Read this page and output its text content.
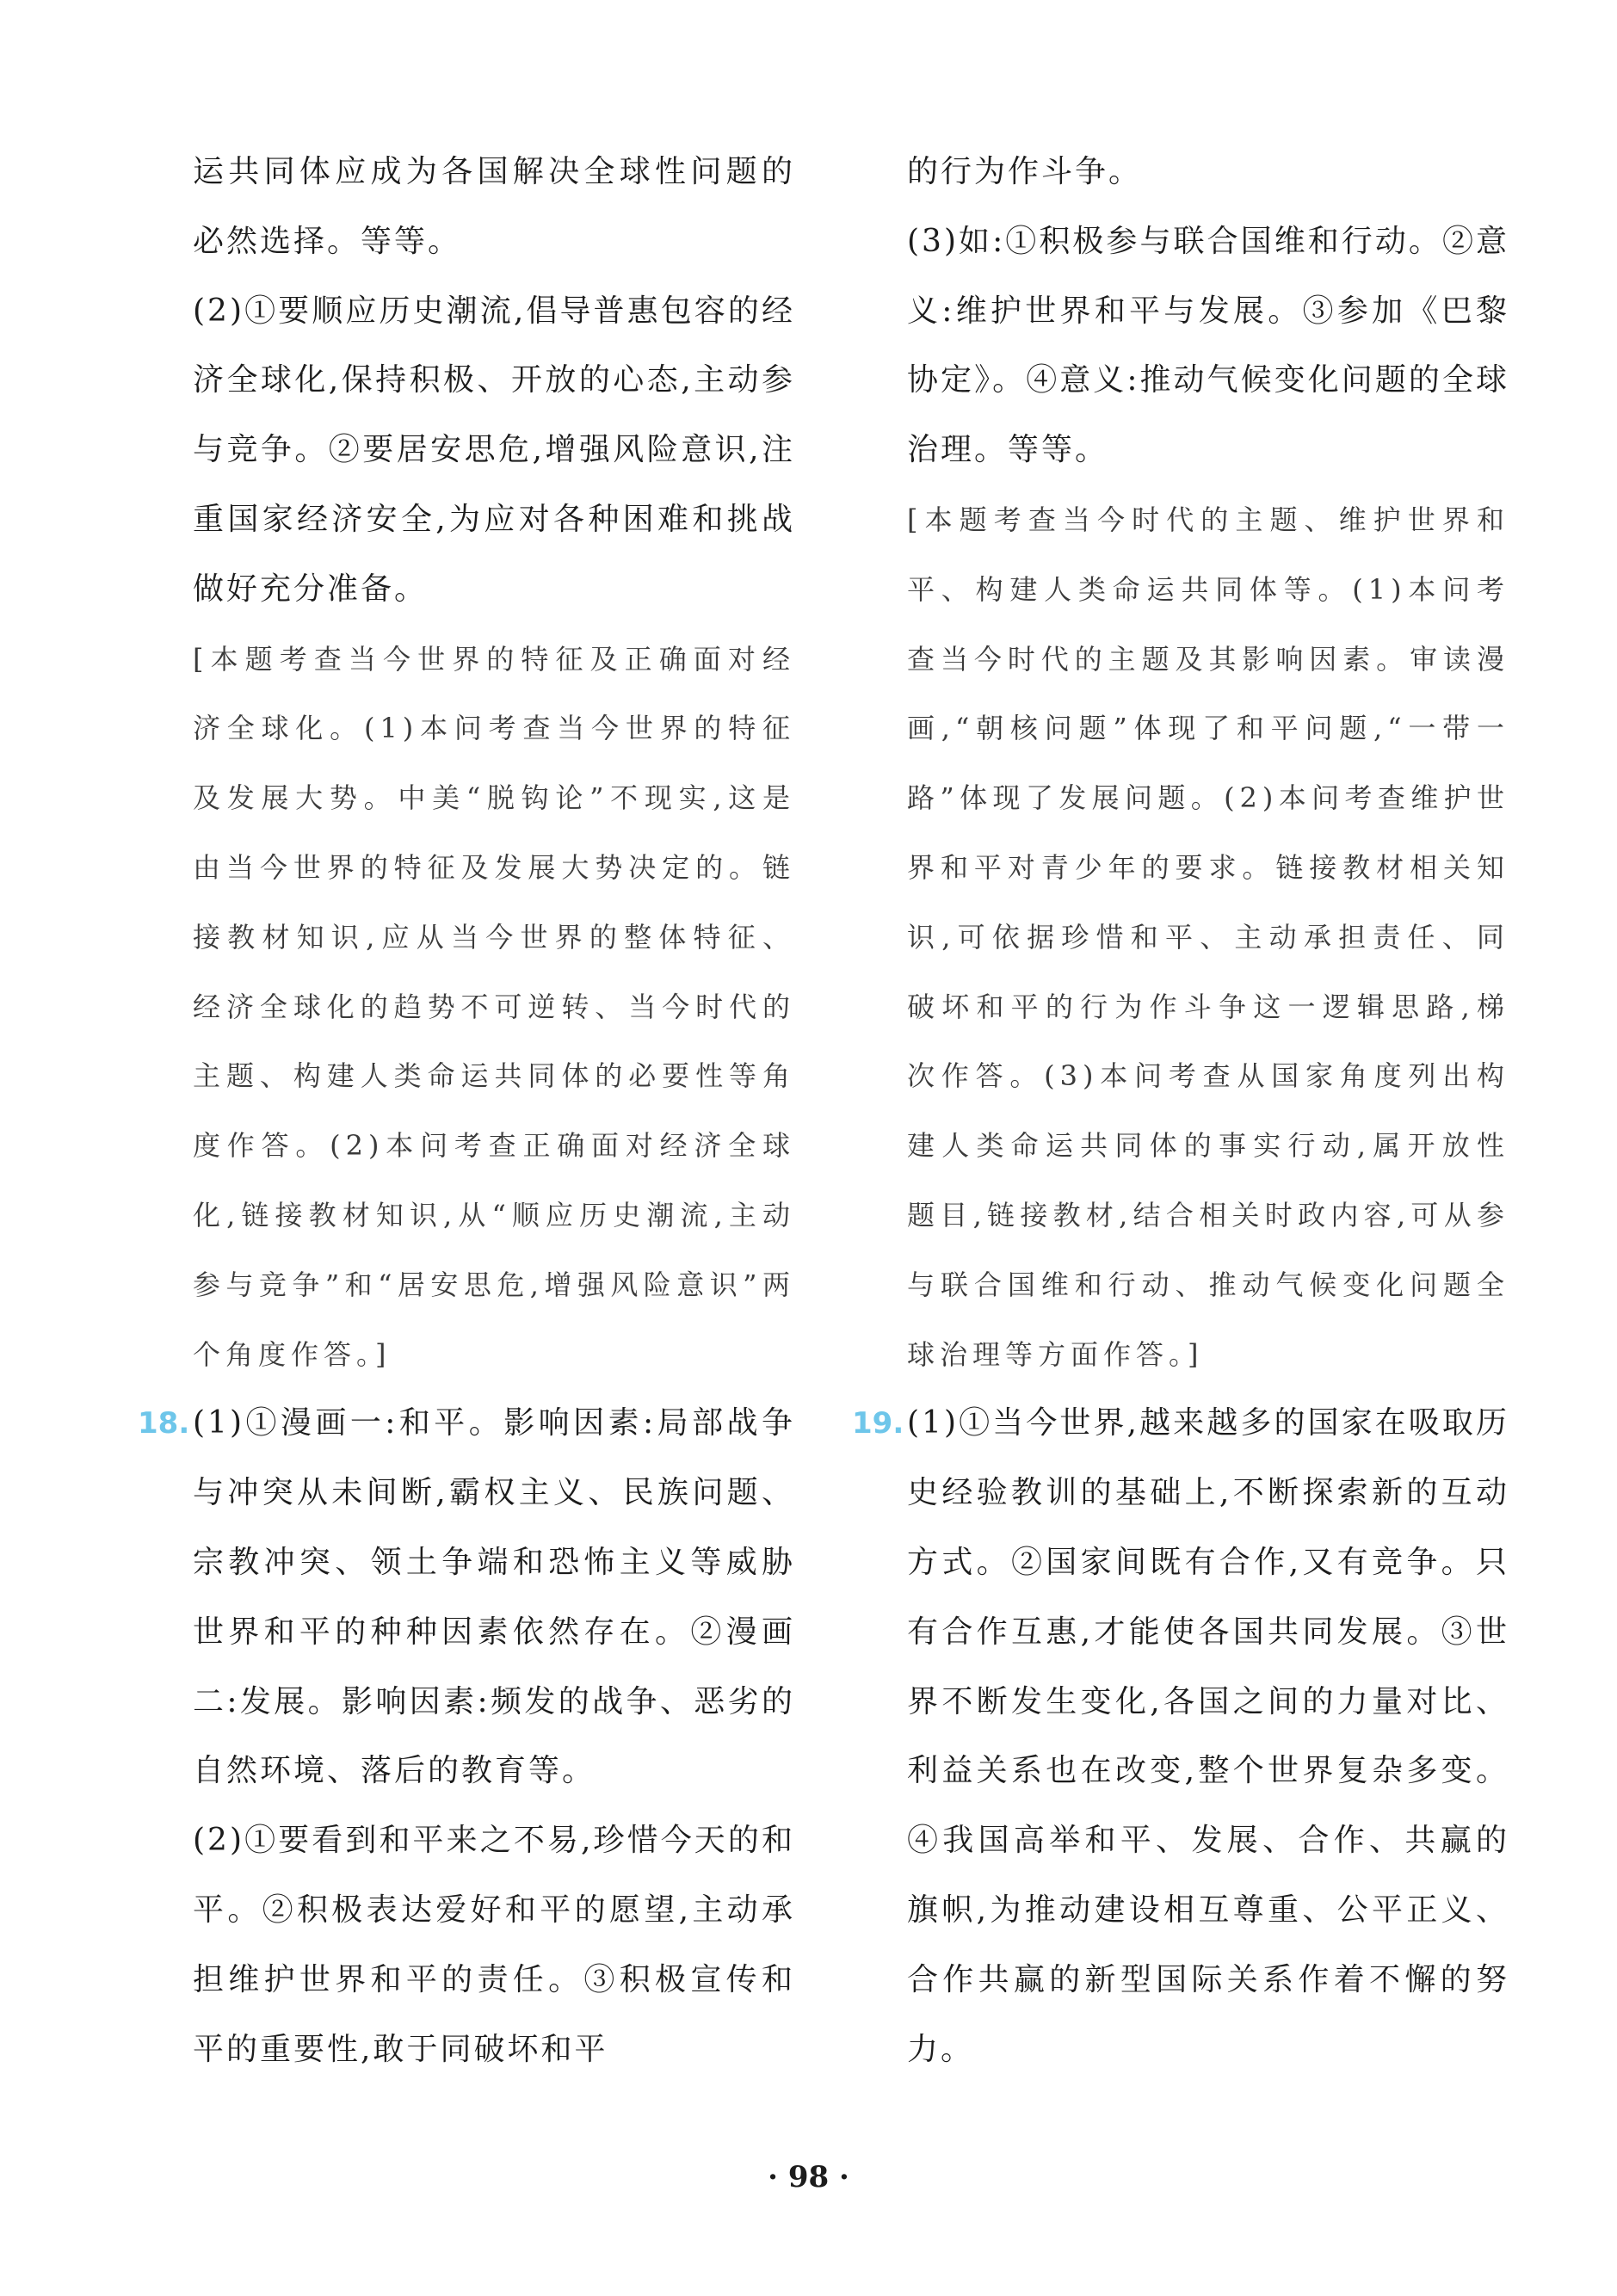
运共同体应成为各国解决全球性问题的必然选择。等等。

(2)①要顺应历史潮流,倡导普惠包容的经济全球化,保持积极、开放的心态,主动参与竞争。②要居安思危,增强风险意识,注重国家经济安全,为应对各种困难和挑战做好充分准备。

[本题考查当今世界的特征及正确面对经济全球化。(1)本问考查当今世界的特征及发展大势。中美“脱钩论”不现实,这是由当今世界的特征及发展大势决定的。链接教材知识,应从当今世界的整体特征、经济全球化的趋势不可逆转、当今时代的主题、构建人类命运共同体的必要性等角度作答。(2)本问考查正确面对经济全球化,链接教材知识,从“顺应历史潮流,主动参与竞争”和“居安思危,增强风险意识”两个角度作答。]

18. (1)①漫画一:和平。影响因素:局部战争与冲突从未间断,霸权主义、民族问题、宗教冲突、领土争端和恐怖主义等威胁世界和平的种种因素依然存在。②漫画二:发展。影响因素:频发的战争、恶劣的自然环境、落后的教育等。

(2)①要看到和平来之不易,珍惜今天的和平。②积极表达爱好和平的愿望,主动承担维护世界和平的责任。③积极宣传和平的重要性,敢于同破坏和平

的行为作斗争。

(3)如:①积极参与联合国维和行动。②意义:维护世界和平与发展。③参加《巴黎协定》。④意义:推动气候变化问题的全球治理。等等。

[本题考查当今时代的主题、维护世界和平、构建人类命运共同体等。(1)本问考查当今时代的主题及其影响因素。审读漫画,“朝核问题”体现了和平问题,“一带一路”体现了发展问题。(2)本问考查维护世界和平对青少年的要求。链接教材相关知识,可依据珍惜和平、主动承担责任、同破坏和平的行为作斗争这一逻辑思路,梯次作答。(3)本问考查从国家角度列出构建人类命运共同体的事实行动,属开放性题目,链接教材,结合相关时政内容,可从参与联合国维和行动、推动气候变化问题全球治理等方面作答。]

19. (1)①当今世界,越来越多的国家在吸取历史经验教训的基础上,不断探索新的互动方式。②国家间既有合作,又有竞争。只有合作互惠,才能使各国共同发展。③世界不断发生变化,各国之间的力量对比、利益关系也在改变,整个世界复杂多变。④我国高举和平、发展、合作、共赢的旗帜,为推动建设相互尊重、公平正义、合作共赢的新型国际关系作着不懈的努力。
· 98 ·
